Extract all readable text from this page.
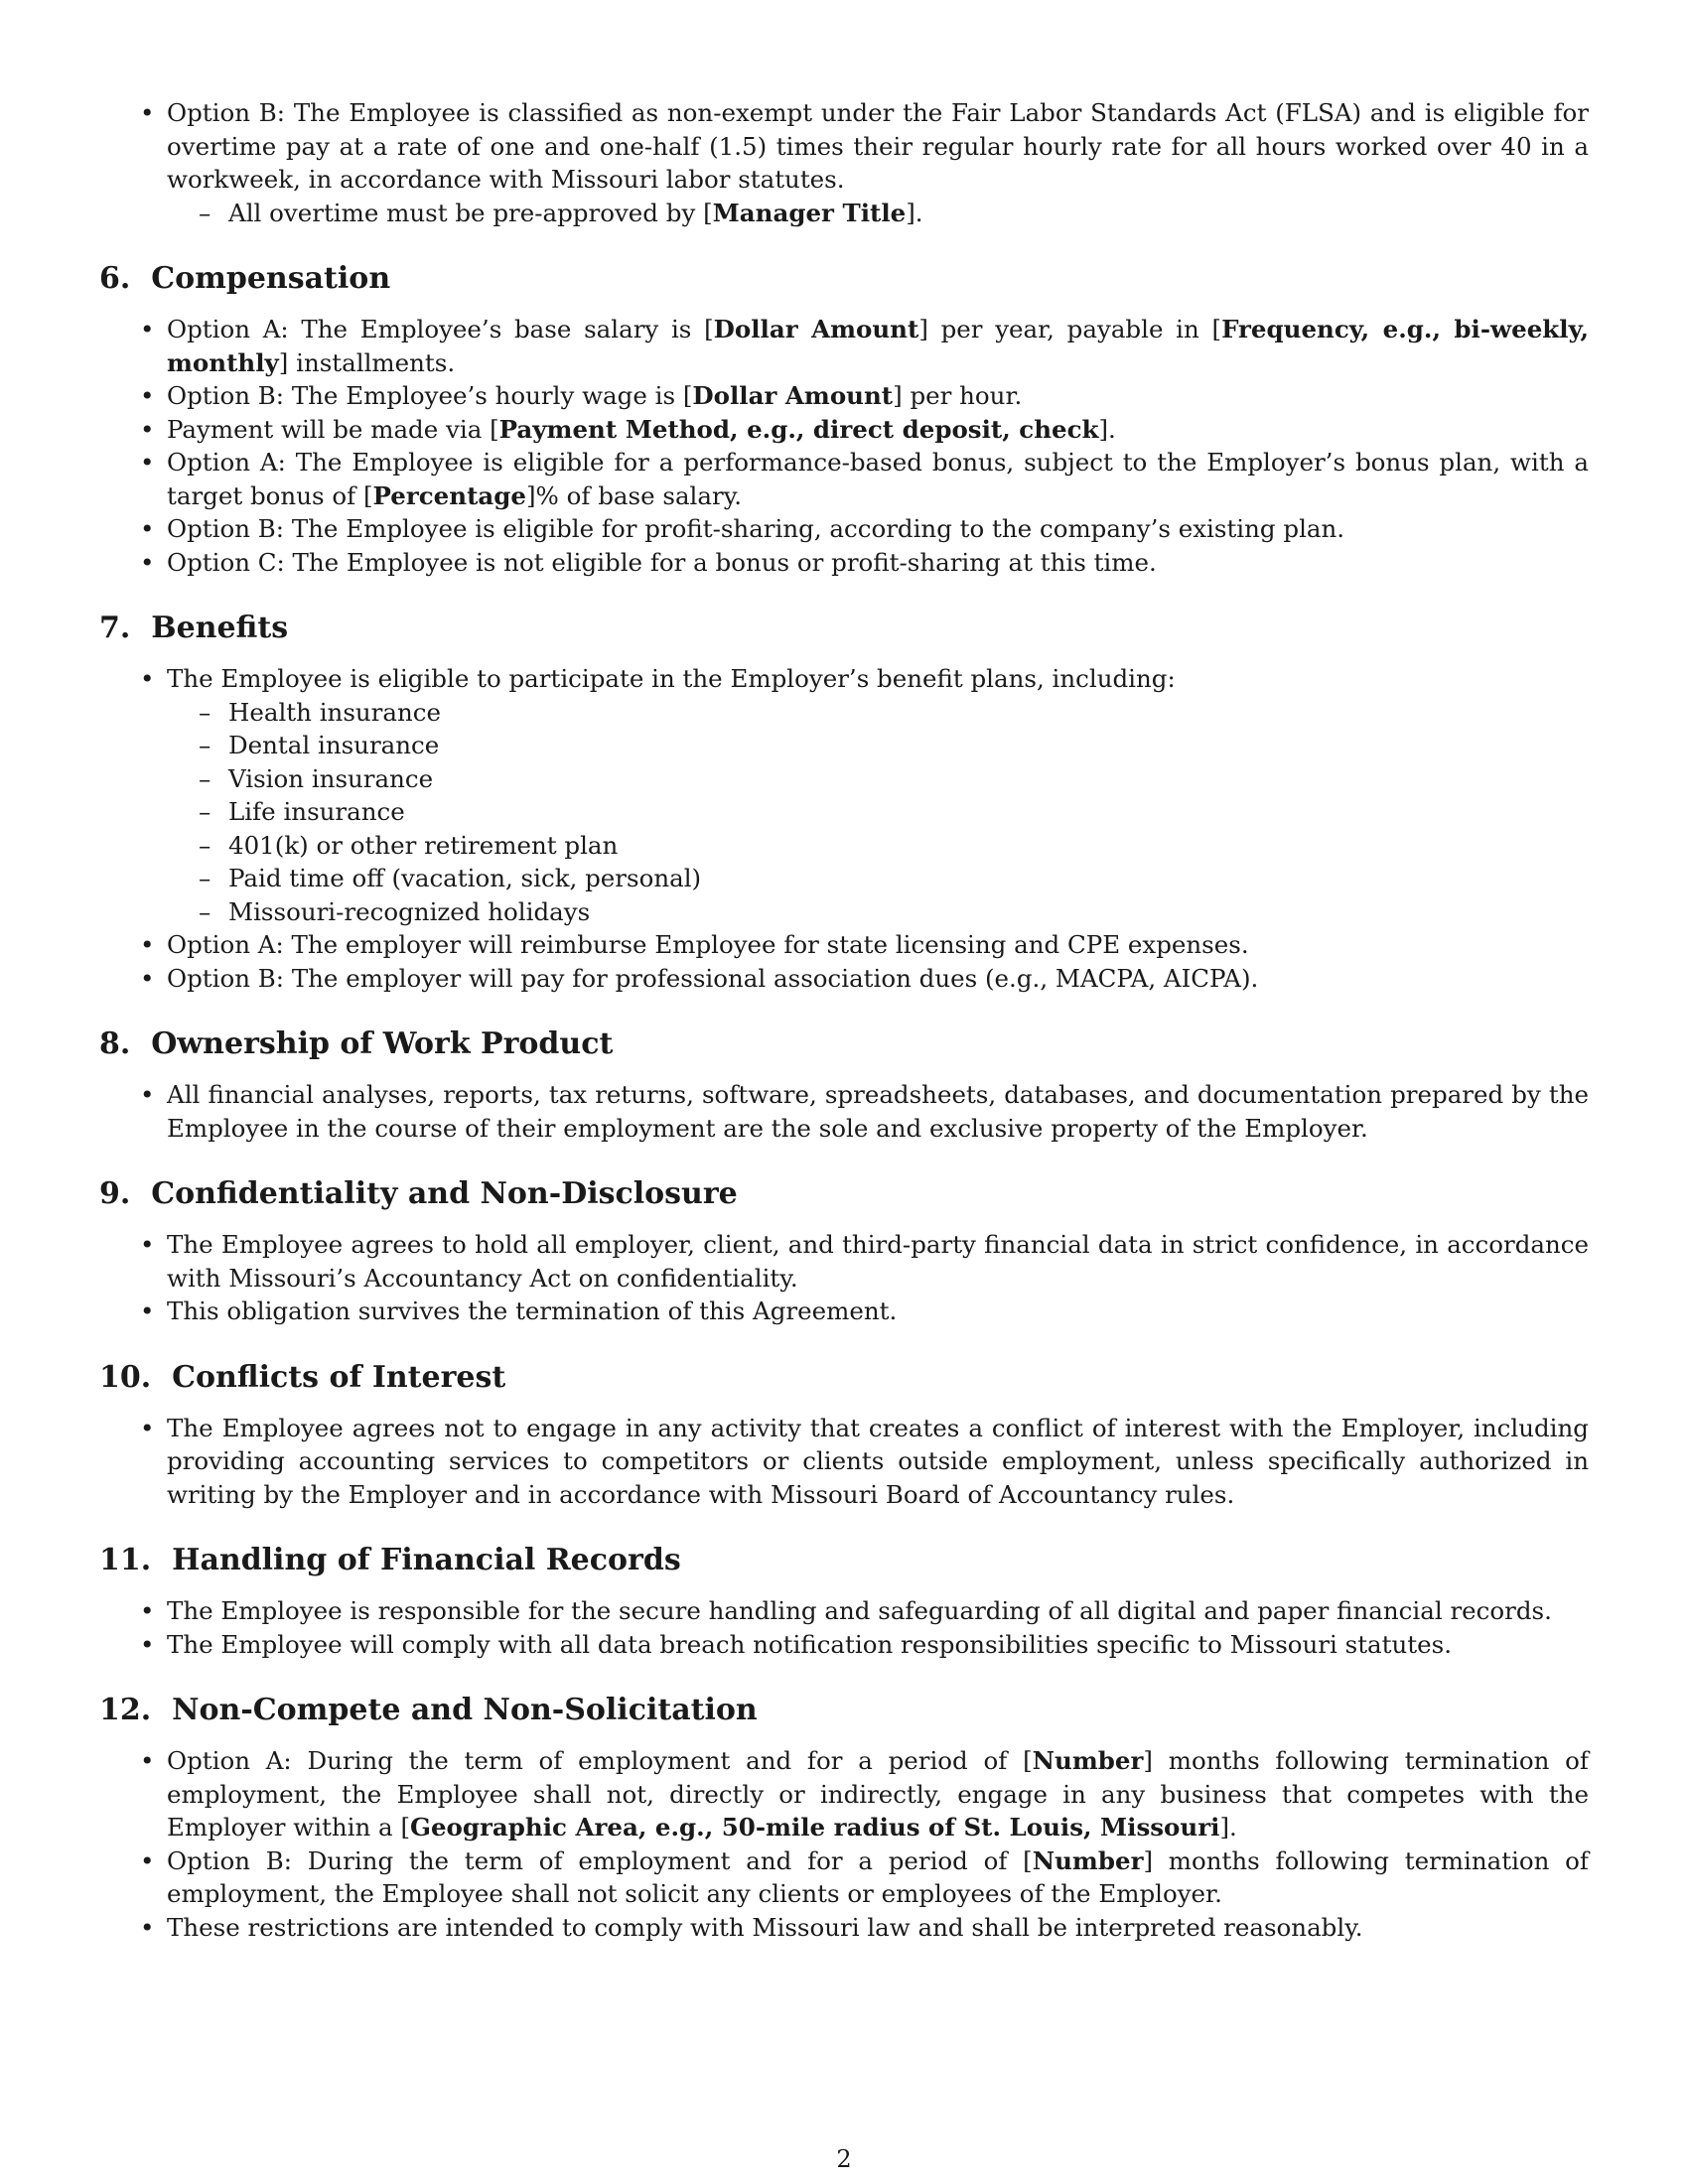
• Option B: The Employee is classified as non-exempt under the Fair Labor Standards Act (FLSA) and is eligible for overtime pay at a rate of one and one-half (1.5) times their regular hourly rate for all hours worked over 40 in a workweek, in accordance with Missouri labor statutes.
– All overtime must be pre-approved by [Manager Title].
6. Compensation
• Option A: The Employee’s base salary is [Dollar Amount] per year, payable in [Frequency, e.g., bi-weekly, monthly] installments.
• Option B: The Employee’s hourly wage is [Dollar Amount] per hour.
• Payment will be made via [Payment Method, e.g., direct deposit, check].
• Option A: The Employee is eligible for a performance-based bonus, subject to the Employer’s bonus plan, with a target bonus of [Percentage]% of base salary.
• Option B: The Employee is eligible for profit-sharing, according to the company’s existing plan.
• Option C: The Employee is not eligible for a bonus or profit-sharing at this time.
7. Benefits
• The Employee is eligible to participate in the Employer’s benefit plans, including:
– Health insurance
– Dental insurance
– Vision insurance
– Life insurance
– 401(k) or other retirement plan
– Paid time off (vacation, sick, personal)
– Missouri-recognized holidays
• Option A: The employer will reimburse Employee for state licensing and CPE expenses.
• Option B: The employer will pay for professional association dues (e.g., MACPA, AICPA).
8. Ownership of Work Product
• All financial analyses, reports, tax returns, software, spreadsheets, databases, and documentation prepared by the Employee in the course of their employment are the sole and exclusive property of the Employer.
9. Confidentiality and Non-Disclosure
• The Employee agrees to hold all employer, client, and third-party financial data in strict confidence, in accordance with Missouri’s Accountancy Act on confidentiality.
• This obligation survives the termination of this Agreement.
10. Conflicts of Interest
• The Employee agrees not to engage in any activity that creates a conflict of interest with the Employer, including providing accounting services to competitors or clients outside employment, unless specifically authorized in writing by the Employer and in accordance with Missouri Board of Accountancy rules.
11. Handling of Financial Records
• The Employee is responsible for the secure handling and safeguarding of all digital and paper financial records.
• The Employee will comply with all data breach notification responsibilities specific to Missouri statutes.
12. Non-Compete and Non-Solicitation
• Option A: During the term of employment and for a period of [Number] months following termination of employment, the Employee shall not, directly or indirectly, engage in any business that competes with the Employer within a [Geographic Area, e.g., 50-mile radius of St. Louis, Missouri].
• Option B: During the term of employment and for a period of [Number] months following termination of employment, the Employee shall not solicit any clients or employees of the Employer.
• These restrictions are intended to comply with Missouri law and shall be interpreted reasonably.
2
